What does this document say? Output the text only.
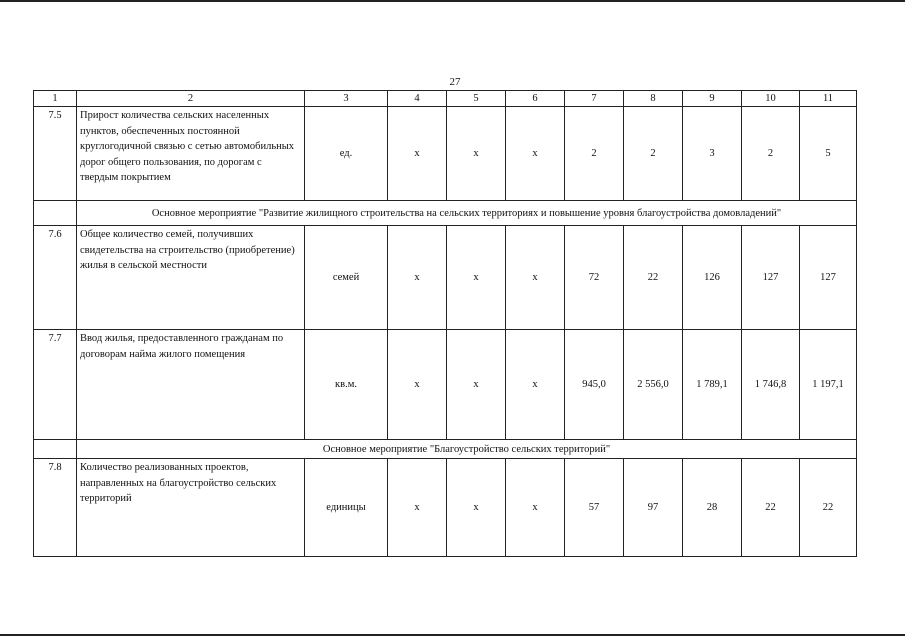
27
1	2	3	4	5	6	7	8	9	10	11
7.5	Прирост количества сельских населенных пунктов, обеспеченных постоянной круглогодичной связью с сетью автомобильных дорог общего пользования, по дорогам с твердым покрытием	ед.	х	х	х	2	2	3	2	5
	Основное мероприятие "Развитие жилищного строительства на сельских территориях и повышение уровня благоустройства домовладений"									
7.6	Общее количество семей, получивших свидетельства на строительство (приобретение) жилья в сельской местности	семей	х	х	х	72	22	126	127	127
7.7	Ввод жилья, предоставленного гражданам по договорам найма жилого помещения	кв.м.	х	х	х	945,0	2 556,0	1 789,1	1 746,8	1 197,1
	Основное мероприятие "Благоустройство сельских территорий"									
7.8	Количество реализованных проектов, направленных на благоустройство сельских территорий	единицы	х	х	х	57	97	28	22	22
